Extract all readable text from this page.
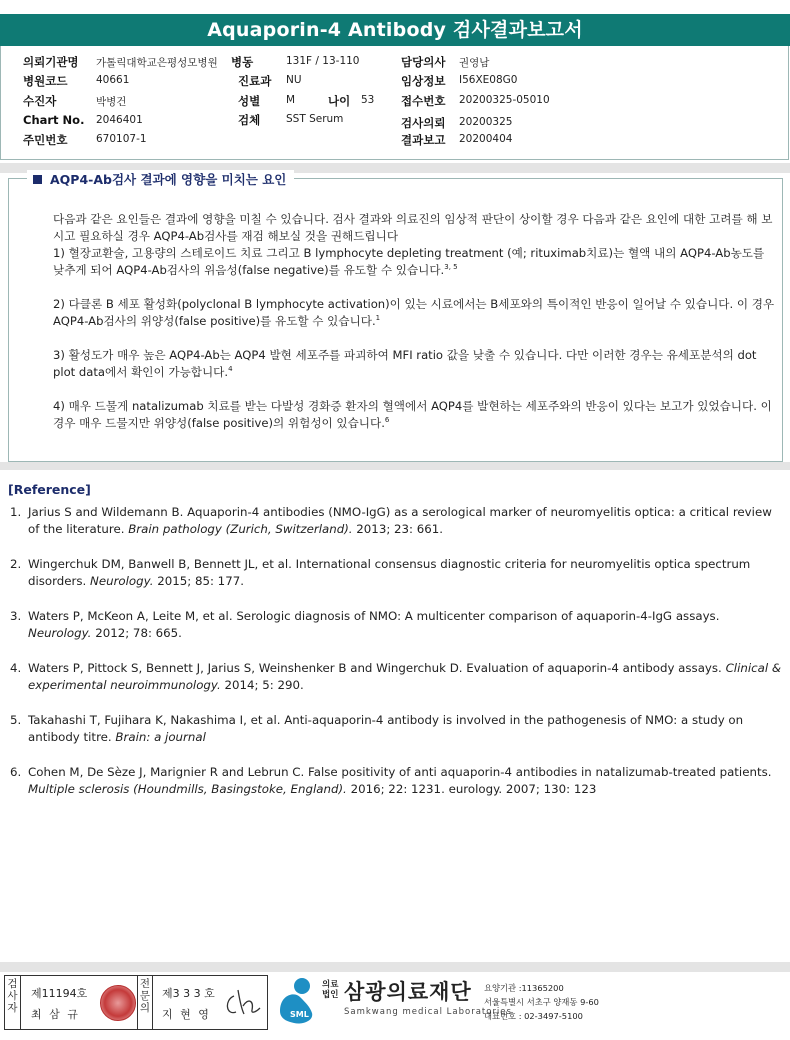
Aquaporin-4 Antibody 검사결과보고서
의뢰기관명 가톨릭대학교은평성모병원 병동	131F / 13-110	담당의사 권영남
병원코드	40661	진료과 NU	임상정보 I56XE08G0
수진자	박병건	성별 M	나이 53 접수번호 20200325-05010
Chart No. 2046401	검체 SST Serum	검사의뢰 20200325
주민번호	670107-1	결과보고 20200404
AQP4-Ab검사 결과에 영향을 미치는 요인

다음과 같은 요인들은 결과에 영향을 미칠 수 있습니다. 검사 결과와 의료진의 임상적 판단이 상이할 경우 다음과 같은 요인에 대한 고려를 해 보시고 필요하실 경우 AQP4-Ab검사를 재검 해보실 것을 권해드립니다

1) 혈장교환술, 고용량의 스테로이드 치료 그리고 B lymphocyte depleting treatment (예; rituximab치료)는 혈액 내의 AQP4-Ab농도를 낮추게 되어 AQP4-Ab검사의 위음성(false negative)를 유도할 수 있습니다.$^{3, 5}$

2) 다클론 B 세포 활성화(polyclonal B lymphocyte activation)이 있는 시료에서는 B세포와의 특이적인 반응이 일어날 수 있습니다. 이 경우 AQP4-Ab검사의 위양성(false positive)를 유도할 수 있습니다.$^1$

3) 활성도가 매우 높은 AQP4-Ab는 AQP4 발현 세포주를 파괴하여 MFI ratio 값을 낮출 수 있습니다. 다만 이러한 경우는 유세포분석의 dot plot data에서 확인이 가능합니다.$^4$

4) 매우 드물게 natalizumab 치료를 받는 다발성 경화증 환자의 혈액에서 AQP4를 발현하는 세포주와의 반응이 있다는 보고가 있었습니다. 이 경우 매우 드물지만 위양성(false positive)의 위험성이 있습니다.$^6$

[Reference]
1. Jarius S and Wildemann B. Aquaporin-4 antibodies (NMO-IgG) as a serological marker of neuromyelitis optica: a critical review of the literature. Brain pathology (Zurich, Switzerland). 2013; 23: 661.
2. Wingerchuk DM, Banwell B, Bennett JL, et al. International consensus diagnostic criteria for neuromyelitis optica spectrum disorders. Neurology. 2015; 85: 177.
3. Waters P, McKeon A, Leite M, et al. Serologic diagnosis of NMO: A multicenter comparison of aquaporin-4-IgG assays. Neurology. 2012; 78: 665.
4. Waters P, Pittock S, Bennett J, Jarius S, Weinshenker B and Wingerchuk D. Evaluation of aquaporin-4 antibody assays. Clinical & experimental neuroimmunology. 2014; 5: 290.
5. Takahashi T, Fujihara K, Nakashima I, et al. Anti-aquaporin-4 antibody is involved in the pathogenesis of NMO: a study on antibody titre. Brain: a journal
6. Cohen M, De Sèze J, Marignier R and Lebrun C. False positivity of anti aquaporin-4 antibodies in natalizumab-treated patients. Multiple sclerosis (Houndmills, Basingstoke, England). 2016; 22: 1231. eurology. 2007; 130: 123
검사자
제11194호
최 삼 규
전문의
제3 3 3 호
지 현 영	SML
의료법인 삼광의료재단
Samkwang medical Laboratories
요양기관 :11365200
서울특별시 서초구 양재동 9-60
대표번호 : 02-3497-5100
